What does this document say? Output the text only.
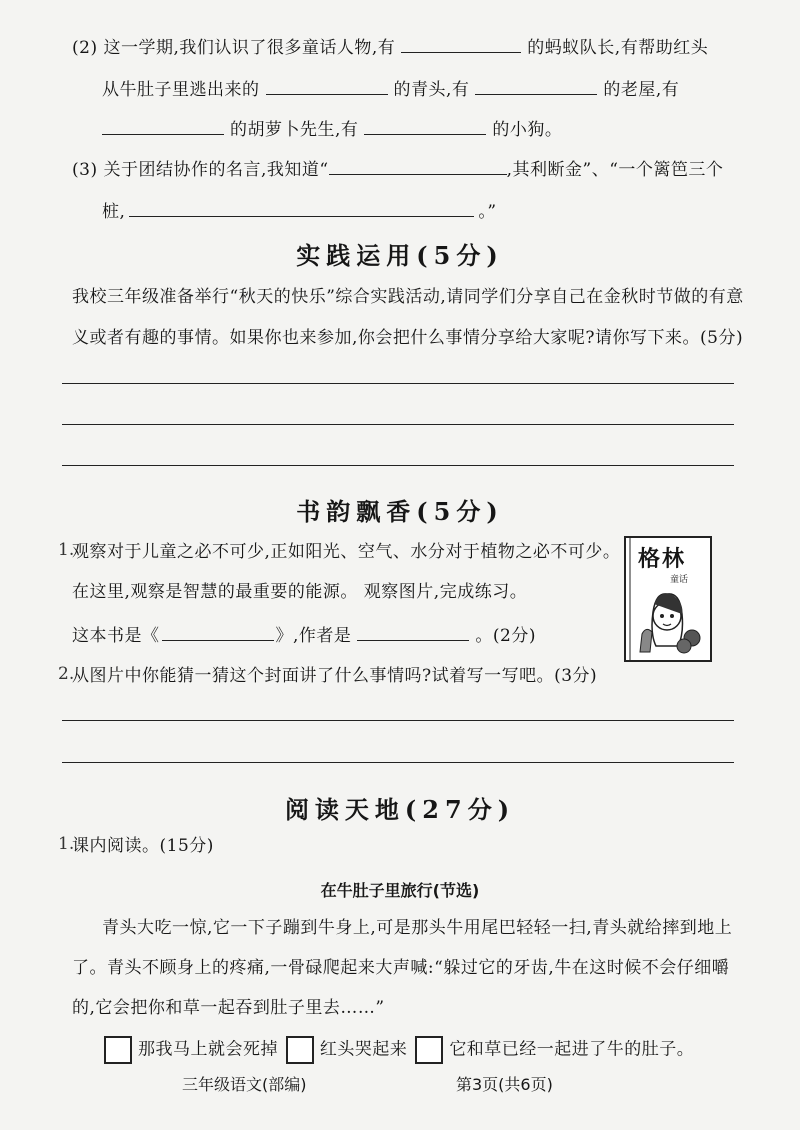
(2) 这一学期,我们认识了很多童话人物,有	的蚂蚁队长,有帮助红头
从牛肚子里逃出来的	的青头,有	的老屋,有
的胡萝卜先生,有	的小狗。
(3) 关于团结协作的名言,我知道“	,其利断金”、“一个篱笆三个
桩,	。”
实践运用(5分)
我校三年级准备举行“秋天的快乐”综合实践活动,请同学们分享自己在金秋时节做的有意
义或者有趣的事情。如果你也来参加,你会把什么事情分享给大家呢?请你写下来。(5分)
书韵飘香(5分)
1.
观察对于儿童之必不可少,正如阳光、空气、水分对于植物之必不可少。
在这里,观察是智慧的最重要的能源。 观察图片,完成练习。
这本书是《	》,作者是	。(2分)
2.
从图片中你能猜一猜这个封面讲了什么事情吗?试着写一写吧。(3分)
格林
童话
阅读天地(27分)
1.
课内阅读。(15分)
在牛肚子里旅行(节选)
青头大吃一惊,它一下子蹦到牛身上,可是那头牛用尾巴轻轻一扫,青头就给摔到地上
了。青头不顾身上的疼痛,一骨碌爬起来大声喊:“躲过它的牙齿,牛在这时候不会仔细嚼
的,它会把你和草一起吞到肚子里去……”
那我马上就会死掉 红头哭起来 它和草已经一起进了牛的肚子。
三年级语文(部编)	第3页(共6页)
